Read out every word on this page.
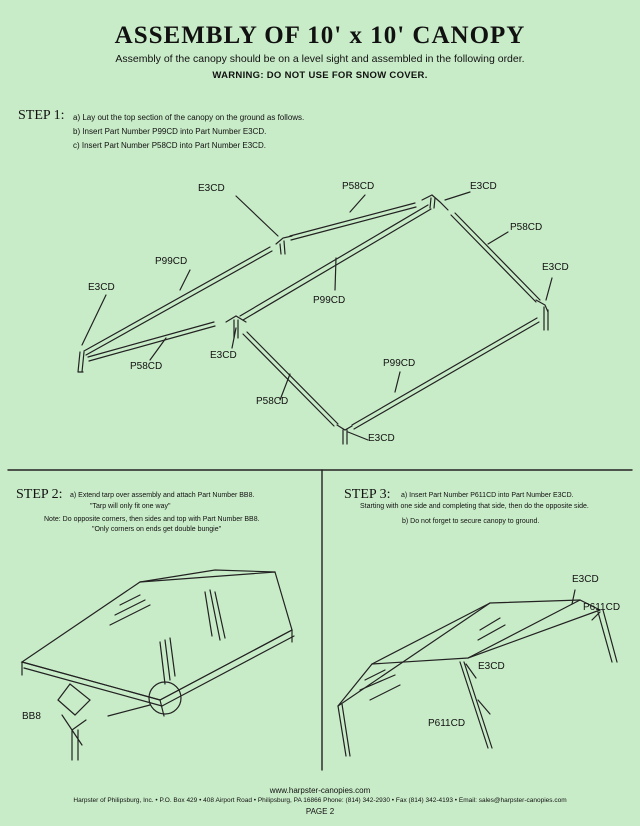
ASSEMBLY OF 10' x 10' CANOPY
Assembly of the canopy should be on a level sight and assembled in the following order.
WARNING: DO NOT USE FOR SNOW COVER.
STEP 1: a) Lay out the top section of the canopy on the ground as follows.
b) Insert Part Number P99CD into Part Number E3CD.
c) Insert Part Number P58CD into Part Number E3CD.
E3CD	P58CD	E3CD
P58CD
P99CD
E3CD
E3CD
P99CD
P58CD
E3CD
P99CD
P58CD
E3CD
STEP 2: a) Extend tarp over assembly and attach Part Number BB8.
"Tarp will only fit one way"
Note: Do opposite corners, then sides and top with Part Number BB8.
"Only corners on ends get double bungie"
BB8
STEP 3: a) Insert Part Number P611CD into Part Number E3CD.
Starting with one side and completing that side, then do the opposite side.
b) Do not forget to secure canopy to ground.
E3CD
P611CD
E3CD
P611CD
www.harpster-canopies.com
Harpster of Philipsburg, Inc. • P.O. Box 429 • 408 Airport Road • Philipsburg, PA 16866 Phone: (814) 342-2930 • Fax (814) 342-4193 • Email: sales@harpster-canopies.com
PAGE 2
